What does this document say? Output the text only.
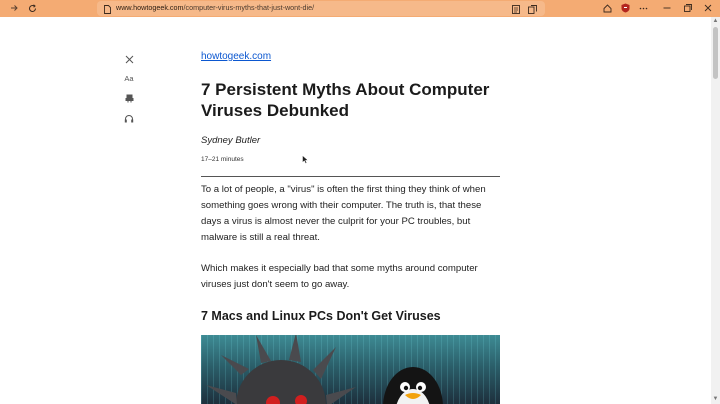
www.howtogeek.com/computer-virus-myths-that-just-wont-die/
Aa
howtogeek.com
7 Persistent Myths About Computer Viruses Debunked
Sydney Butler
17–21 minutes

To a lot of people, a "virus" is often the first thing they think of when something goes wrong with their computer. The truth is, that these days a virus is almost never the culprit for your PC troubles, but malware is still a real threat.

Which makes it especially bad that some myths around computer viruses just don't seem to go away.

7 Macs and Linux PCs Don't Get Viruses
▲
▼
